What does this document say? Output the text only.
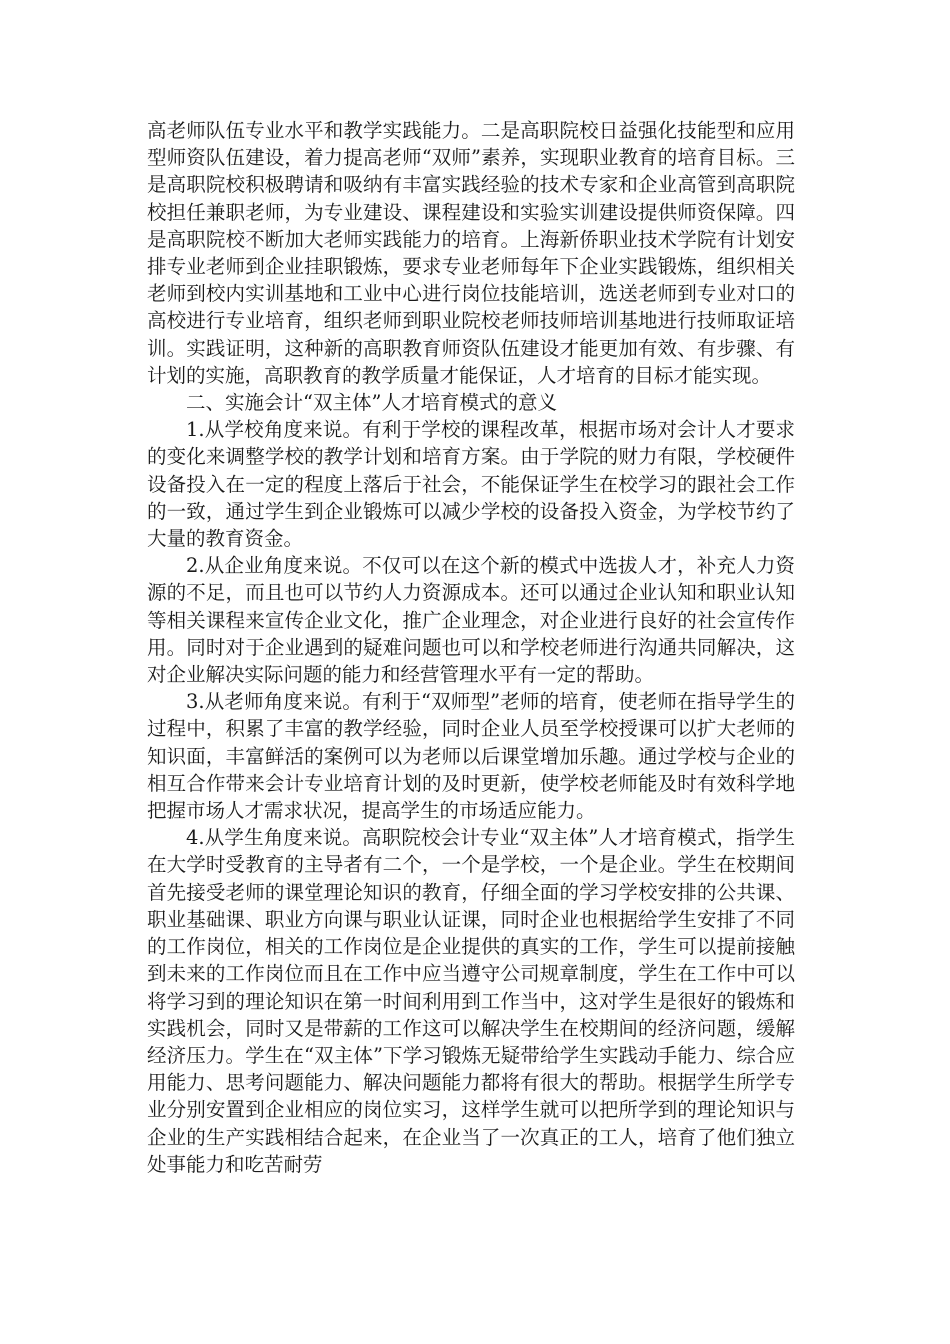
高老师队伍专业水平和教学实践能力。二是高职院校日益强化技能型和应用型师资队伍建设，着力提高老师“双师”素养，实现职业教育的培育目标。三是高职院校积极聘请和吸纳有丰富实践经验的技术专家和企业高管到高职院校担任兼职老师，为专业建设、课程建设和实验实训建设提供师资保障。四是高职院校不断加大老师实践能力的培育。上海新侨职业技术学院有计划安排专业老师到企业挂职锻炼，要求专业老师每年下企业实践锻炼，组织相关老师到校内实训基地和工业中心进行岗位技能培训，选送老师到专业对口的高校进行专业培育，组织老师到职业院校老师技师培训基地进行技师取证培训。实践证明，这种新的高职教育师资队伍建设才能更加有效、有步骤、有计划的实施，高职教育的教学质量才能保证，人才培育的目标才能实现。

二、实施会计“双主体”人才培育模式的意义

1.从学校角度来说。有利于学校的课程改革，根据市场对会计人才要求的变化来调整学校的教学计划和培育方案。由于学院的财力有限，学校硬件设备投入在一定的程度上落后于社会，不能保证学生在校学习的跟社会工作的一致，通过学生到企业锻炼可以减少学校的设备投入资金，为学校节约了大量的教育资金。

2.从企业角度来说。不仅可以在这个新的模式中选拔人才，补充人力资源的不足，而且也可以节约人力资源成本。还可以通过企业认知和职业认知等相关课程来宣传企业文化，推广企业理念，对企业进行良好的社会宣传作用。同时对于企业遇到的疑难问题也可以和学校老师进行沟通共同解决，这对企业解决实际问题的能力和经营管理水平有一定的帮助。

3.从老师角度来说。有利于“双师型”老师的培育，使老师在指导学生的过程中，积累了丰富的教学经验，同时企业人员至学校授课可以扩大老师的知识面，丰富鲜活的案例可以为老师以后课堂增加乐趣。通过学校与企业的相互合作带来会计专业培育计划的及时更新，使学校老师能及时有效科学地把握市场人才需求状况，提高学生的市场适应能力。

4.从学生角度来说。高职院校会计专业“双主体”人才培育模式，指学生在大学时受教育的主导者有二个，一个是学校，一个是企业。学生在校期间首先接受老师的课堂理论知识的教育，仔细全面的学习学校安排的公共课、职业基础课、职业方向课与职业认证课，同时企业也根据给学生安排了不同的工作岗位，相关的工作岗位是企业提供的真实的工作，学生可以提前接触到未来的工作岗位而且在工作中应当遵守公司规章制度，学生在工作中可以将学习到的理论知识在第一时间利用到工作当中，这对学生是很好的锻炼和实践机会，同时又是带薪的工作这可以解决学生在校期间的经济问题，缓解经济压力。学生在“双主体”下学习锻炼无疑带给学生实践动手能力、综合应用能力、思考问题能力、解决问题能力都将有很大的帮助。根据学生所学专业分别安置到企业相应的岗位实习，这样学生就可以把所学到的理论知识与企业的生产实践相结合起来，在企业当了一次真正的工人，培育了他们独立处事能力和吃苦耐劳
